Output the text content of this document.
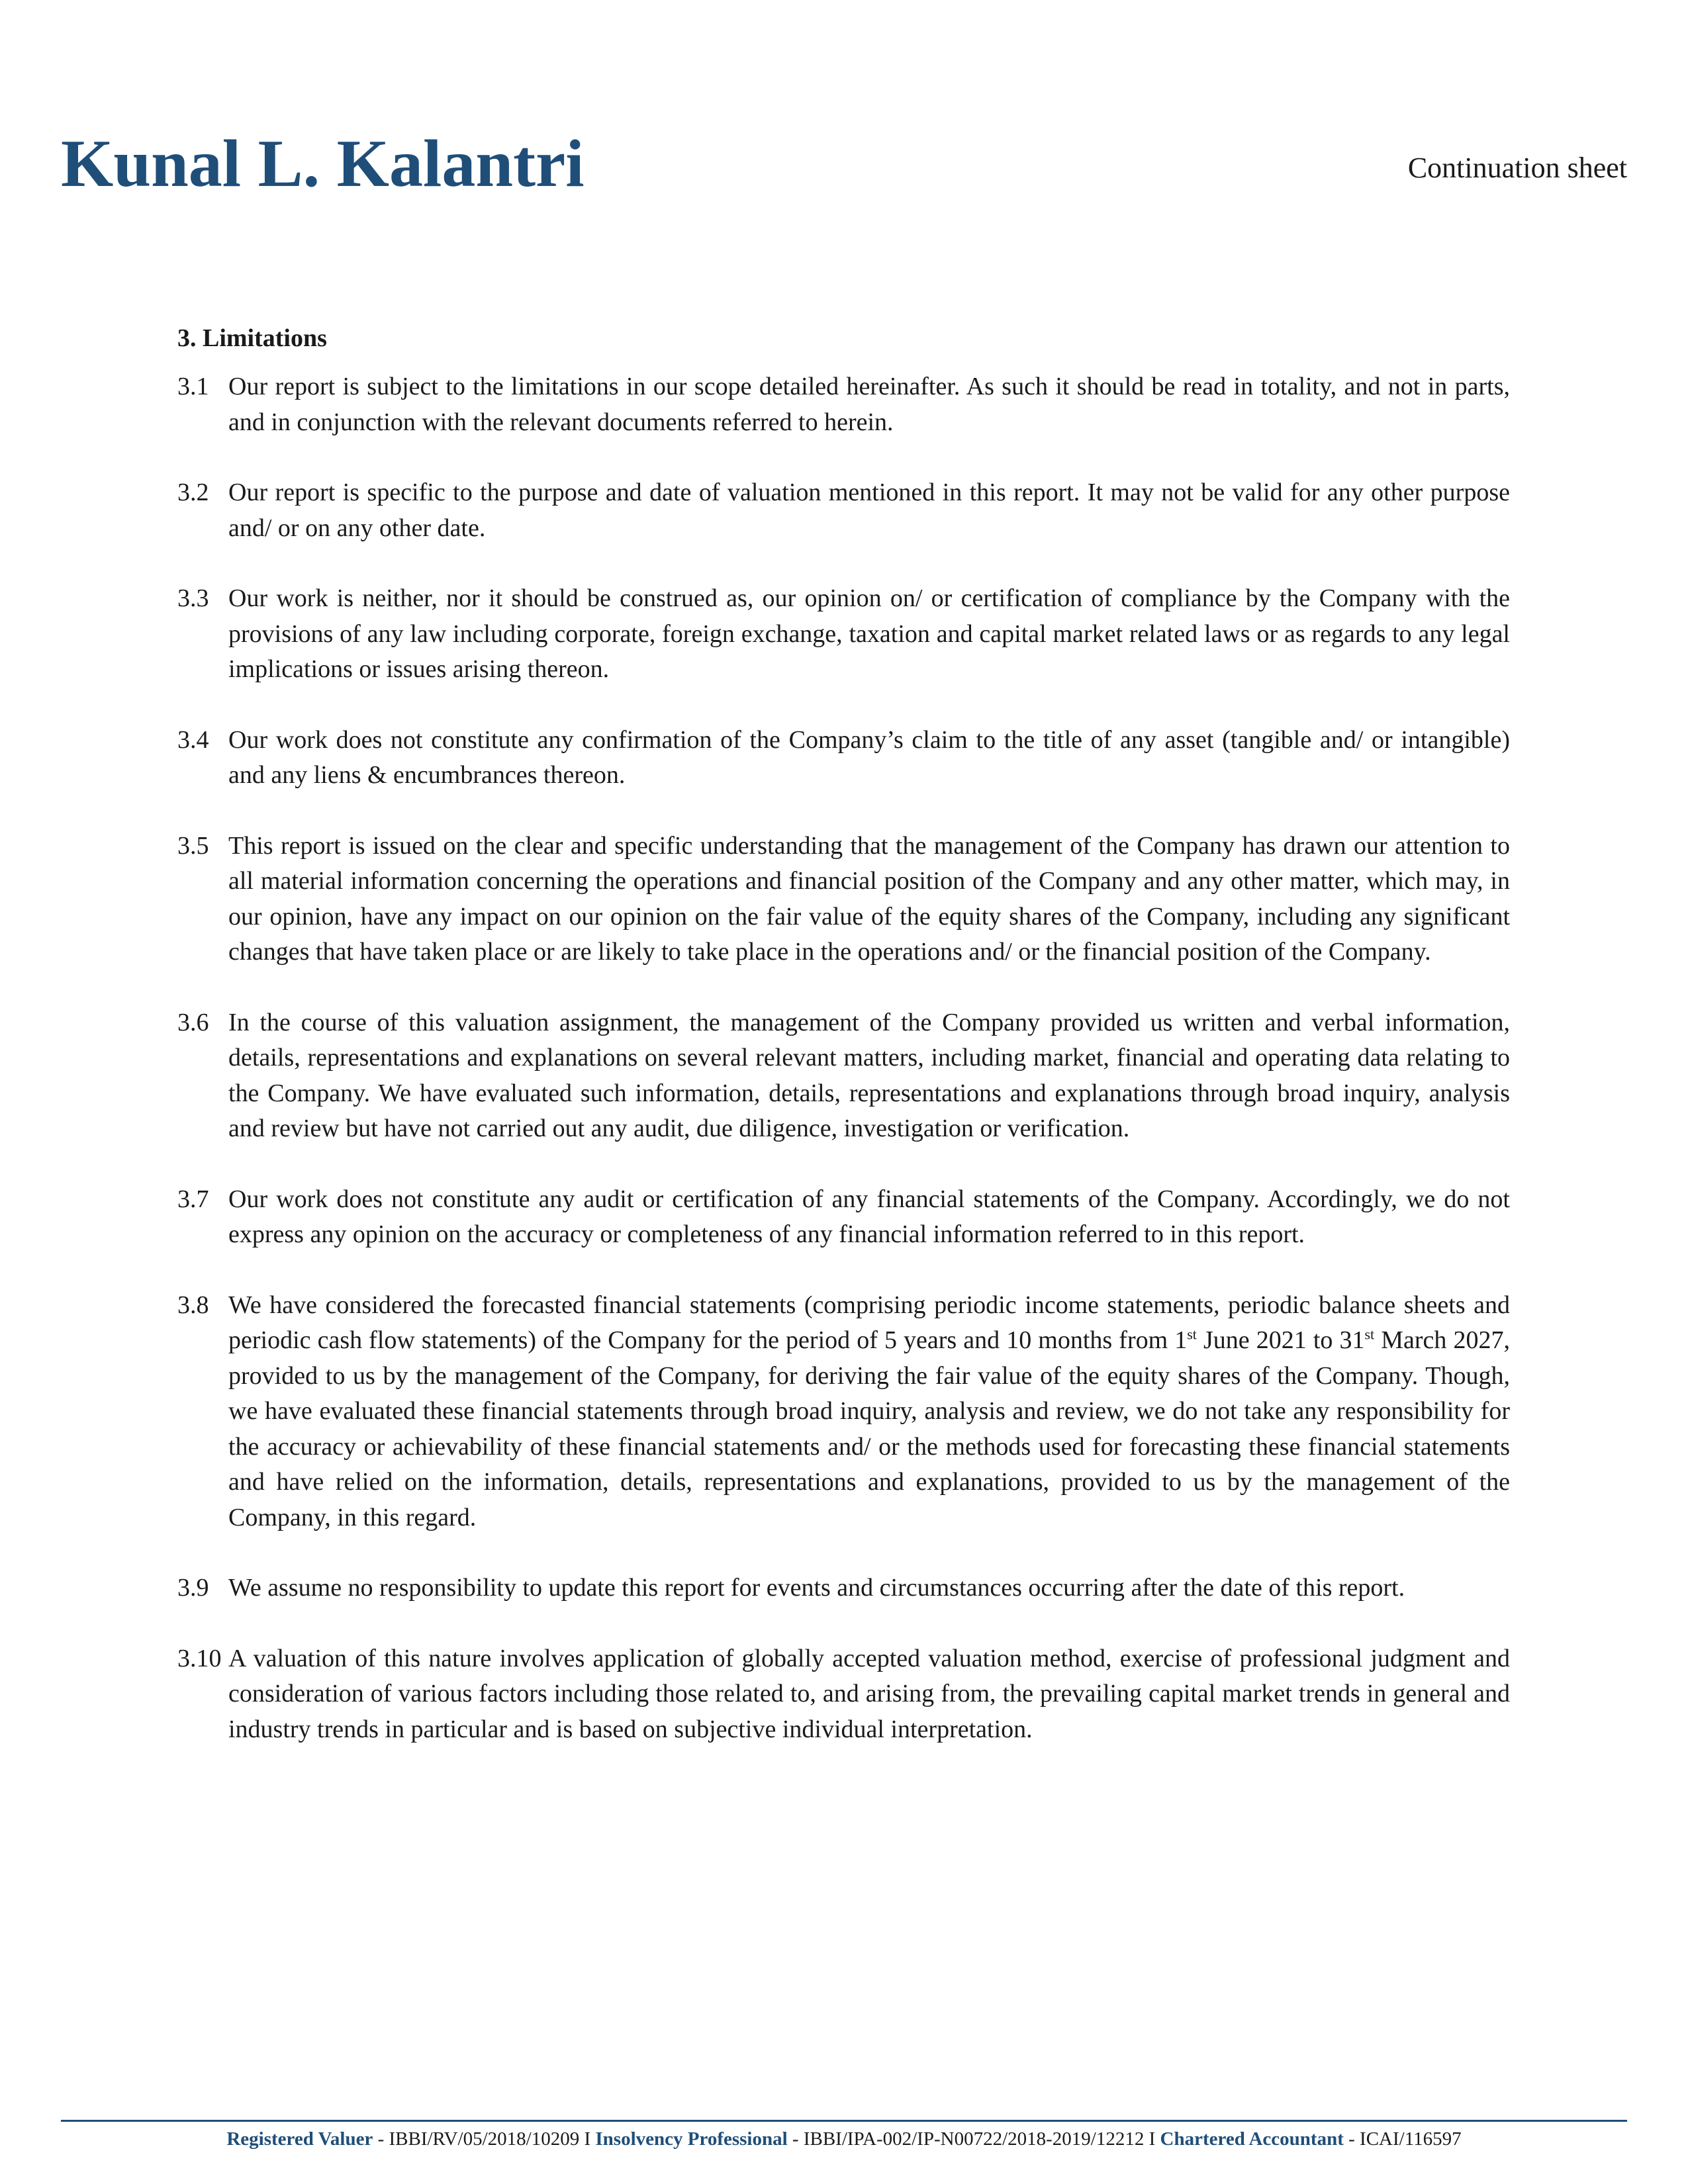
Kunal L. Kalantri	Continuation sheet
3. Limitations
3.1 Our report is subject to the limitations in our scope detailed hereinafter. As such it should be read in totality, and not in parts, and in conjunction with the relevant documents referred to herein.
3.2 Our report is specific to the purpose and date of valuation mentioned in this report. It may not be valid for any other purpose and/ or on any other date.
3.3 Our work is neither, nor it should be construed as, our opinion on/ or certification of compliance by the Company with the provisions of any law including corporate, foreign exchange, taxation and capital market related laws or as regards to any legal implications or issues arising thereon.
3.4 Our work does not constitute any confirmation of the Company’s claim to the title of any asset (tangible and/ or intangible) and any liens & encumbrances thereon.
3.5 This report is issued on the clear and specific understanding that the management of the Company has drawn our attention to all material information concerning the operations and financial position of the Company and any other matter, which may, in our opinion, have any impact on our opinion on the fair value of the equity shares of the Company, including any significant changes that have taken place or are likely to take place in the operations and/ or the financial position of the Company.
3.6 In the course of this valuation assignment, the management of the Company provided us written and verbal information, details, representations and explanations on several relevant matters, including market, financial and operating data relating to the Company. We have evaluated such information, details, representations and explanations through broad inquiry, analysis and review but have not carried out any audit, due diligence, investigation or verification.
3.7 Our work does not constitute any audit or certification of any financial statements of the Company. Accordingly, we do not express any opinion on the accuracy or completeness of any financial information referred to in this report.
3.8 We have considered the forecasted financial statements (comprising periodic income statements, periodic balance sheets and periodic cash flow statements) of the Company for the period of 5 years and 10 months from 1st June 2021 to 31st March 2027, provided to us by the management of the Company, for deriving the fair value of the equity shares of the Company. Though, we have evaluated these financial statements through broad inquiry, analysis and review, we do not take any responsibility for the accuracy or achievability of these financial statements and/ or the methods used for forecasting these financial statements and have relied on the information, details, representations and explanations, provided to us by the management of the Company, in this regard.
3.9 We assume no responsibility to update this report for events and circumstances occurring after the date of this report.
3.10 A valuation of this nature involves application of globally accepted valuation method, exercise of professional judgment and consideration of various factors including those related to, and arising from, the prevailing capital market trends in general and industry trends in particular and is based on subjective individual interpretation.
Registered Valuer - IBBI/RV/05/2018/10209 I Insolvency Professional - IBBI/IPA-002/IP-N00722/2018-2019/12212 I Chartered Accountant - ICAI/116597
